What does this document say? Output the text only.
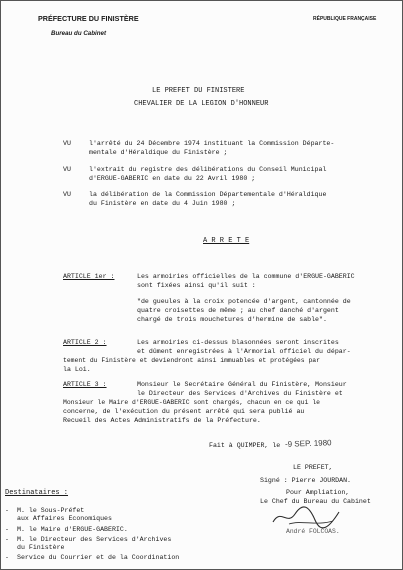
PRÉFECTURE DU FINISTÈRE
Bureau du Cabinet
RÉPUBLIQUE FRANÇAISE
LE PREFET DU FINISTERE
CHEVALIER DE LA LEGION D'HONNEUR
VU	l'arrêté du 24 Décembre 1974 instituant la Commission Départe-
mentale d'Héraldique du Finistère ;
VU	l'extrait du registre des délibérations du Conseil Municipal
d'ERGUE-GABERIC en date du 22 Avril 1980 ;
VU	la délibération de la Commission Départementale d'Héraldique
du Finistère en date du 4 Juin 1980 ;
A R R E T E
ARTICLE 1er :	Les armoiries officielles de la commune d'ERGUE-GABERIC
sont fixées ainsi qu'il suit :
"de gueules à la croix potencée d'argent, cantonnée de
quatre croisettes de même ; au chef danché d'argent
chargé de trois mouchetures d'hermine de sable".
ARTICLE 2 :	Les armoiries ci-dessus blasonnées seront inscrites
et dûment enregistrées à l'Armorial officiel du dépar-
tement du Finistère et deviendront ainsi immuables et protégées par
la Loi.
ARTICLE 3 :	Monsieur le Secrétaire Général du Finistère, Monsieur
le Directeur des Services d'Archives du Finistère et
Monsieur le Maire d'ERGUE-GABERIC sont chargés, chacun en ce qui le
concerne, de l'exécution du présent arrêté qui sera publié au
Recueil des Actes Administratifs de la Préfecture.
Fait à QUIMPER, le -9 SEP. 1980
LE PREFET,
Signé : Pierre JOURDAN.
Pour Ampliation,
Le Chef du Bureau du Cabinet
André FOLCOAS.
Destinataires :
- M. le Sous-Préfet
aux Affaires Economiques
- M. le Maire d'ERGUE-GABERIC.
- M. le Directeur des Services d'Archives
du Finistère
- Service du Courrier et de la Coordination
